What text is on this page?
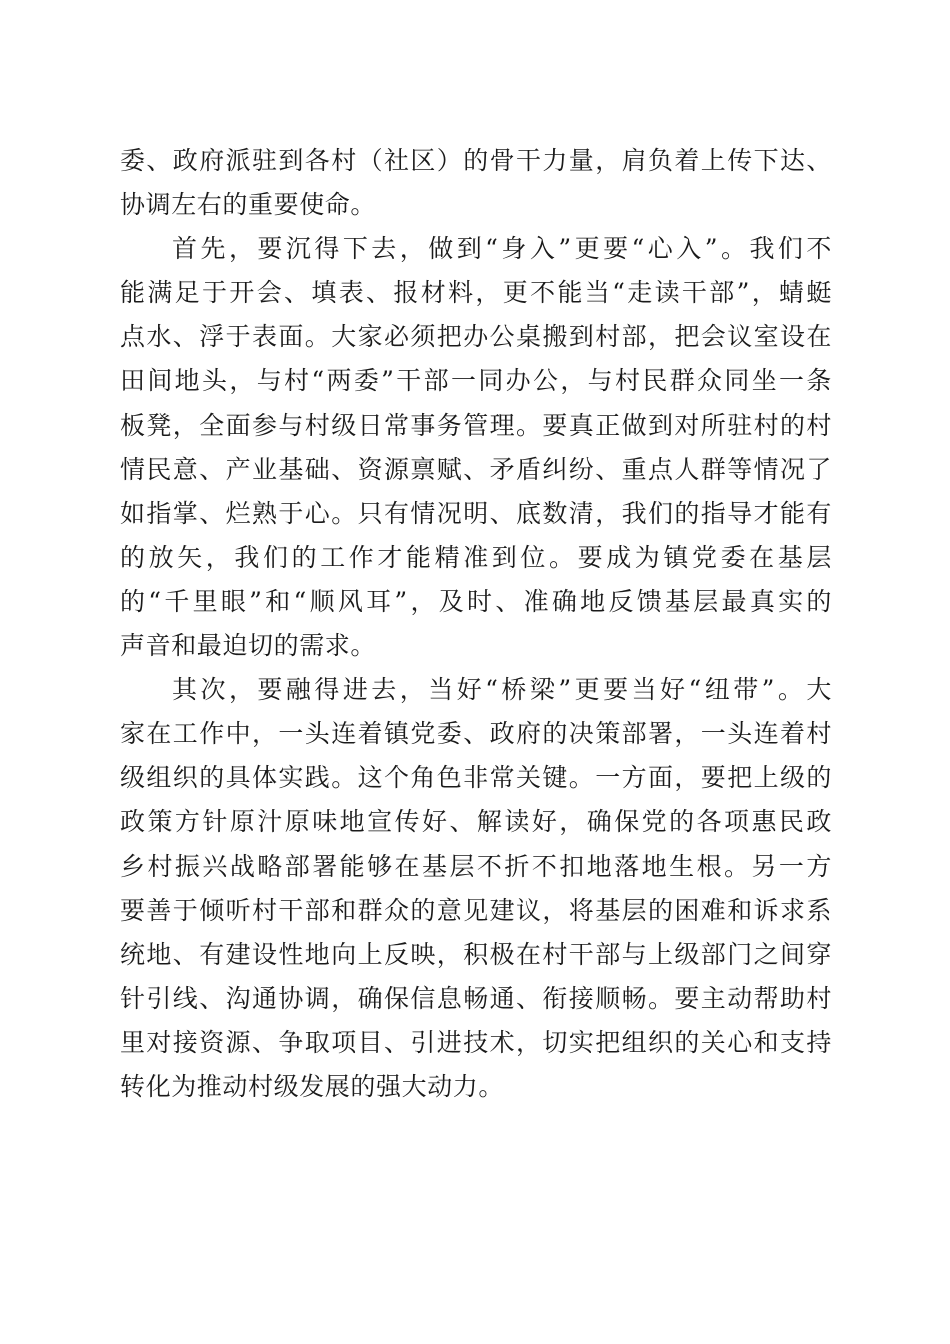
委、政府派驻到各村（社区）的骨干力量，肩负着上传下达、
协调左右的重要使命。
首先，要沉得下去，做到“身入”更要“心入”。我们不
能满足于开会、填表、报材料，更不能当“走读干部”，蜻蜓
点水、浮于表面。大家必须把办公桌搬到村部，把会议室设在
田间地头，与村“两委”干部一同办公，与村民群众同坐一条
板凳，全面参与村级日常事务管理。要真正做到对所驻村的村
情民意、产业基础、资源禀赋、矛盾纠纷、重点人群等情况了
如指掌、烂熟于心。只有情况明、底数清，我们的指导才能有
的放矢，我们的工作才能精准到位。要成为镇党委在基层
的“千里眼”和“顺风耳”，及时、准确地反馈基层最真实的
声音和最迫切的需求。
其次，要融得进去，当好“桥梁”更要当好“纽带”。大
家在工作中，一头连着镇党委、政府的决策部署，一头连着村
级组织的具体实践。这个角色非常关键。一方面，要把上级的
政策方针原汁原味地宣传好、解读好，确保党的各项惠民政
乡村振兴战略部署能够在基层不折不扣地落地生根。另一方
要善于倾听村干部和群众的意见建议，将基层的困难和诉求系
统地、有建设性地向上反映，积极在村干部与上级部门之间穿
针引线、沟通协调，确保信息畅通、衔接顺畅。要主动帮助村
里对接资源、争取项目、引进技术，切实把组织的关心和支持
转化为推动村级发展的强大动力。
